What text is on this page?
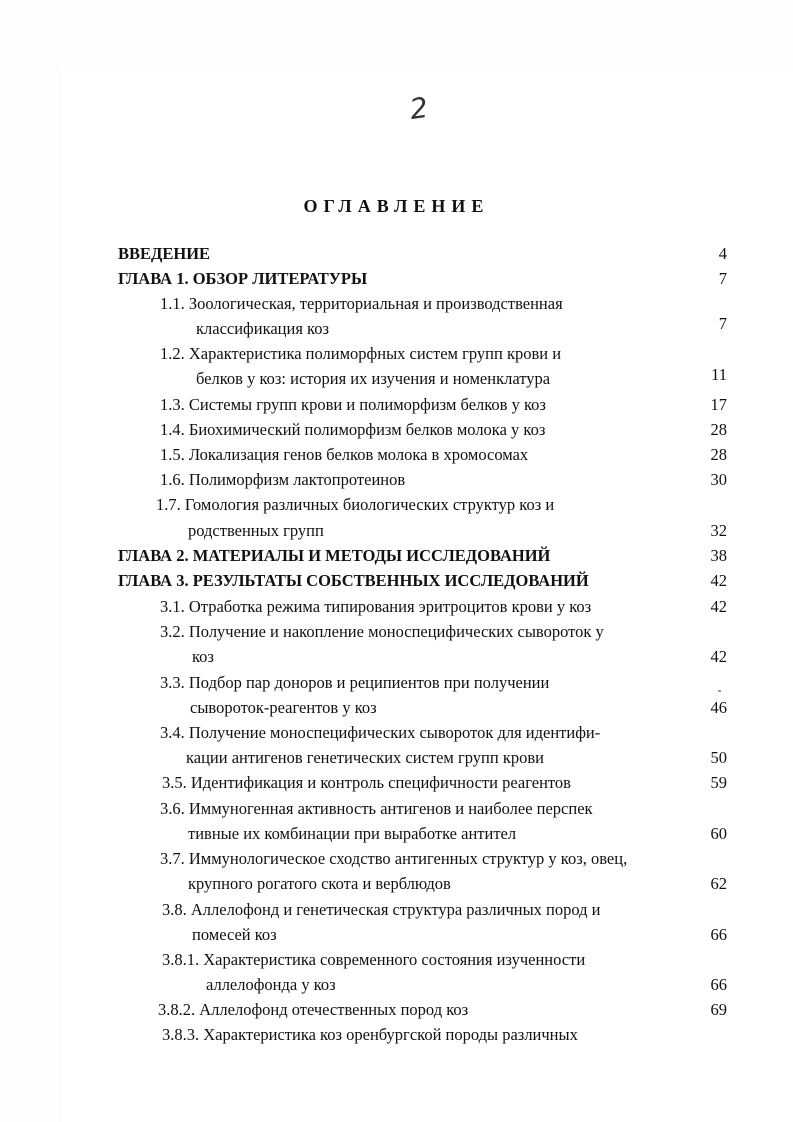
2
ОГЛАВЛЕНИЕ
ВВЕДЕНИЕ	4
ГЛАВА 1. ОБЗОР ЛИТЕРАТУРЫ	7
1.1. Зоологическая, территориальная и производственная
классификация коз	7
1.2. Характеристика полиморфных систем групп крови и
белков у коз: история их изучения и номенклатура	11
1.3. Системы групп крови и полиморфизм белков у коз	17
1.4. Биохимический полиморфизм белков молока у коз	28
1.5. Локализация генов белков молока в хромосомах	28
1.6. Полиморфизм лактопротеинов	30
1.7. Гомология различных биологических структур коз и
родственных групп	32
ГЛАВА 2. МАТЕРИАЛЫ И МЕТОДЫ ИССЛЕДОВАНИЙ	38
ГЛАВА 3. РЕЗУЛЬТАТЫ СОБСТВЕННЫХ ИССЛЕДОВАНИЙ	42
3.1. Отработка режима типирования эритроцитов крови у коз	42
3.2. Получение и накопление моноспецифических сывороток у
коз	42
3.3. Подбор пар доноров и реципиентов при получении
сывороток-реагентов у коз	46
3.4. Получение моноспецифических сывороток для идентифи-
кации антигенов генетических систем групп крови	50
3.5. Идентификация и контроль специфичности реагентов	59
3.6. Иммуногенная активность антигенов и наиболее перспек
тивные их комбинации при выработке антител	60
3.7. Иммунологическое сходство антигенных структур у коз, овец,
крупного рогатого скота и верблюдов	62
3.8. Аллелофонд и генетическая структура различных пород и
помесей коз	66
3.8.1. Характеристика современного состояния изученности
аллелофонда у коз	66
3.8.2. Аллелофонд отечественных пород коз	69
3.8.3. Характеристика коз оренбургской породы различных
